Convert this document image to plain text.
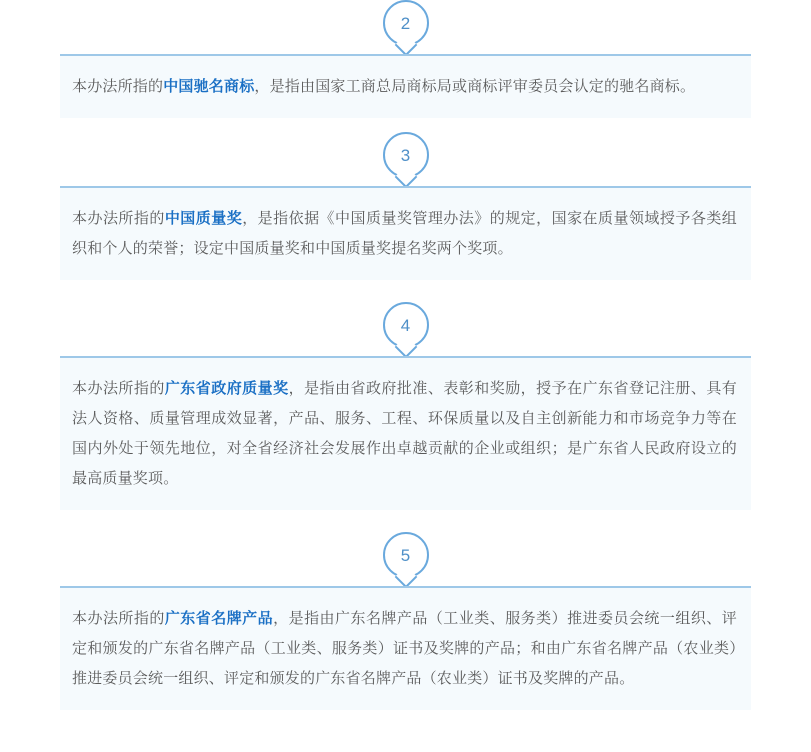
2

本办法所指的中国驰名商标，是指由国家工商总局商标局或商标评审委员会认定的驰名商标。

3

本办法所指的中国质量奖，是指依据《中国质量奖管理办法》的规定，国家在质量领域授予各类组织和个人的荣誉；设定中国质量奖和中国质量奖提名奖两个奖项。

4

本办法所指的广东省政府质量奖，是指由省政府批准、表彰和奖励，授予在广东省登记注册、具有法人资格、质量管理成效显著，产品、服务、工程、环保质量以及自主创新能力和市场竞争力等在国内外处于领先地位，对全省经济社会发展作出卓越贡献的企业或组织；是广东省人民政府设立的最高质量奖项。

5

本办法所指的广东省名牌产品，是指由广东名牌产品（工业类、服务类）推进委员会统一组织、评定和颁发的广东省名牌产品（工业类、服务类）证书及奖牌的产品；和由广东省名牌产品（农业类）推进委员会统一组织、评定和颁发的广东省名牌产品（农业类）证书及奖牌的产品。
